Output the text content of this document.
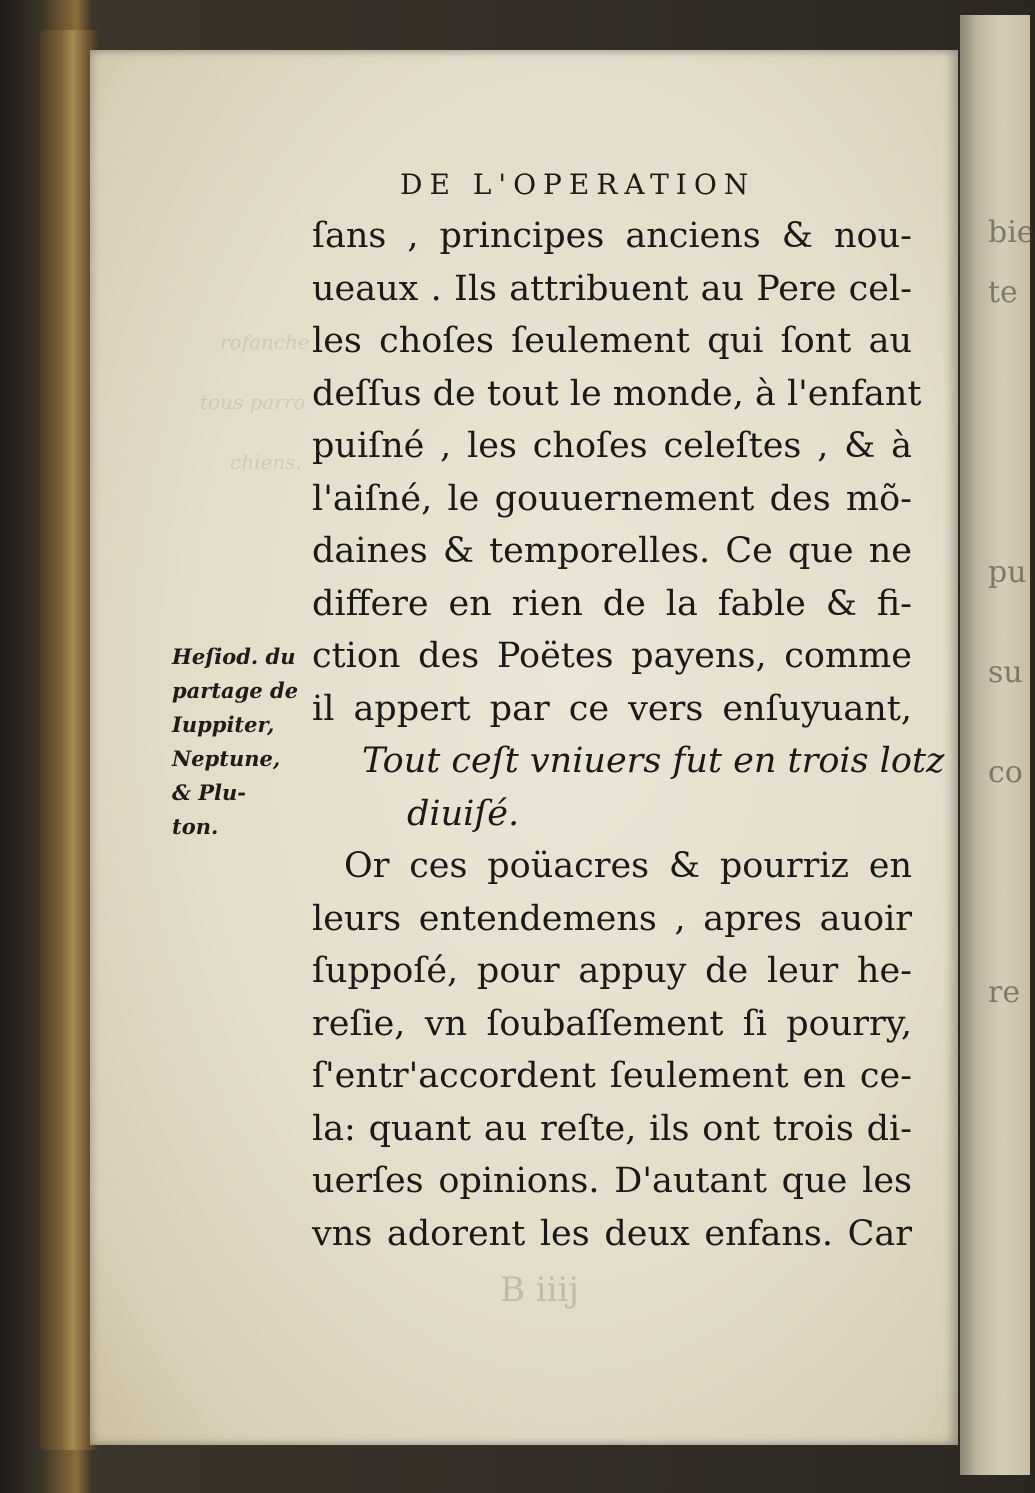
bie
te
pu
su
co
re
rofanche
tous parro
chiens.
DE L'OPERATION
ſans , principes anciens & nou-
ueaux . Ils attribuent au Pere cel-
les choſes ſeulement qui ſont au
deſſus de tout le monde, à l'enfant
puiſné , les choſes celeſtes , & à
l'aiſné, le gouuernement des mõ-
daines & temporelles. Ce que ne
differe en rien de la fable & fi-
ction des Poëtes payens, comme
il appert par ce vers enſuyuant,
Tout ceſt vniuers fut en trois lotz
diuiſé.
Or ces poüacres & pourriz en
leurs entendemens , apres auoir
ſuppoſé, pour appuy de leur he-
reſie, vn ſoubaſſement ſi pourry,
ſ'entr'accordent ſeulement en ce-
la: quant au reſte, ils ont trois di-
uerſes opinions. D'autant que les
vns adorent les deux enfans. Car
Heſiod. du
partage de
Iuppiter,
Neptune,
& Plu-
ton.
B iiij
